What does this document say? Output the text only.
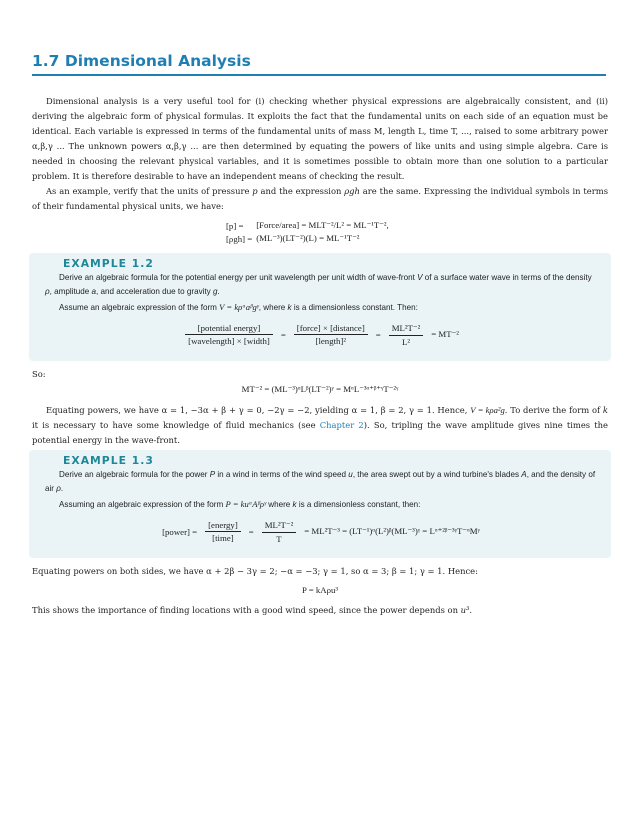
1.7 Dimensional Analysis

Dimensional analysis is a very useful tool for (i) checking whether physical expressions are algebraically consistent, and (ii) deriving the algebraic form of physical formulas. It exploits the fact that the fundamental units on each side of an equation must be identical. Each variable is expressed in terms of the fundamental units of mass M, length L, time T, ..., raised to some arbitrary power α,β,γ ... The unknown powers α,β,γ ... are then determined by equating the powers of like units and using simple algebra. Care is needed in choosing the relevant physical variables, and it is sometimes possible to obtain more than one solution to a particular problem. It is therefore desirable to have an independent means of checking the result.

As an example, verify that the units of pressure p and the expression ρgh are the same. Expressing the individual symbols in terms of their fundamental physical units, we have:

[p] =	[Force/area] = MLT⁻²/L² = ML⁻¹T⁻²,
[ρgh] =	(ML⁻³)(LT⁻²)(L) = ML⁻¹T⁻²
EXAMPLE 1.2
Derive an algebraic formula for the potential energy per unit wavelength per unit width of wave-front V of a surface water wave in terms of the density ρ, amplitude a, and acceleration due to gravity g.
Assume an algebraic expression of the form V = kρᵅaᵝgᵞ, where k is a dimensionless constant. Then:
$\frac{\text{[potential energy]}}{\text{[wavelength] × [width]}} = \frac{\text{[force] × [distance]}}{\text{[length]²}} = \frac{\text{ML²T⁻²}}{\text{L²}} = MT^{-2}$

So:

MT⁻² = (ML⁻³)ᵅLᵝ(LT⁻²)ᵞ = MᵅL⁻³ᵅ⁺ᵝ⁺ᵞT⁻²ᵞ

Equating powers, we have α = 1, −3α + β + γ = 0, −2γ = −2, yielding α = 1, β = 2, γ = 1. Hence, V = kρa²g. To derive the form of k it is necessary to have some knowledge of fluid mechanics (see Chapter 2). So, tripling the wave amplitude gives nine times the potential energy in the wave-front.

EXAMPLE 1.3
Derive an algebraic formula for the power P in a wind in terms of the wind speed u, the area swept out by a wind turbine's blades A, and the density of air ρ.
Assuming an algebraic expression of the form P = kuᵅAᵝρᵞ where k is a dimensionless constant, then:
[power] = $\frac{\text{[energy]}}{\text{[time]}} = \frac{\text{ML²T⁻²}}{T} = ML^2T^{-3}$ = (LT⁻¹)ᵅ(L²)ᵝ(ML⁻³)ᵞ = Lᵅ⁺²ᵝ⁻³ᵞT⁻ᵅMᵞ

Equating powers on both sides, we have α + 2β − 3γ = 2; −α = −3; γ = 1, so α = 3; β = 1; γ = 1. Hence:

P = kAρu³

This shows the importance of finding locations with a good wind speed, since the power depends on u³.
